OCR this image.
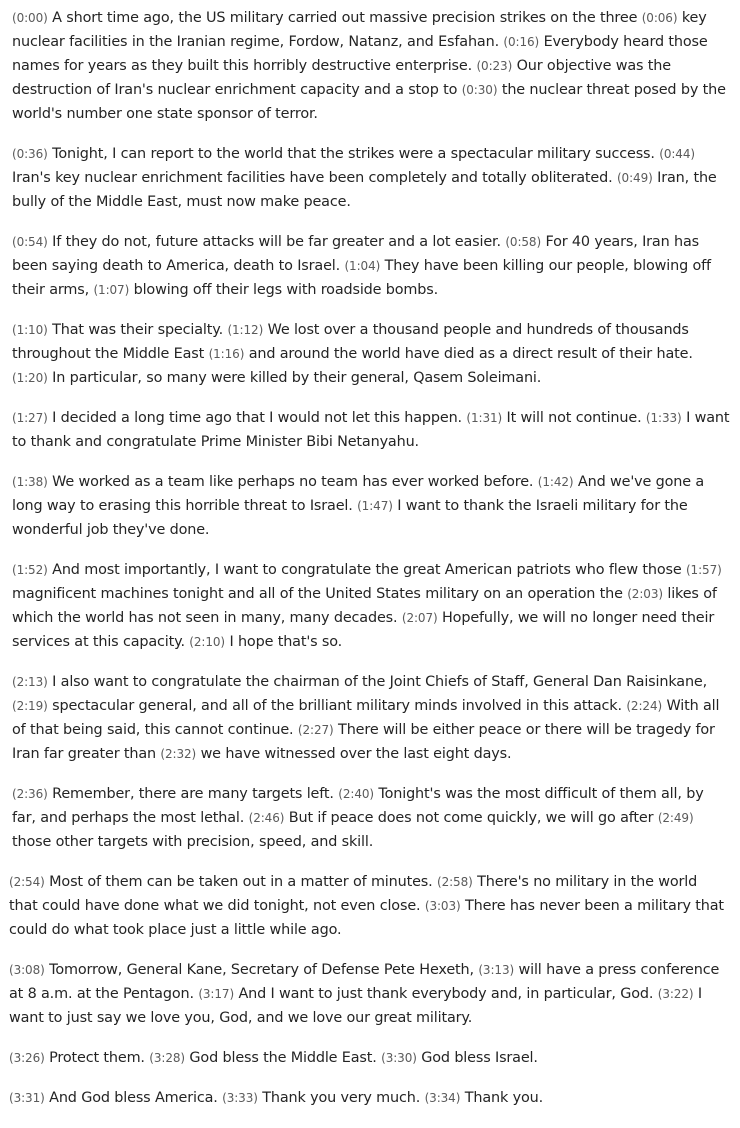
(0:00) A short time ago, the US military carried out massive precision strikes on the three (0:06) key nuclear facilities in the Iranian regime, Fordow, Natanz, and Esfahan. (0:16) Everybody heard those names for years as they built this horribly destructive enterprise. (0:23) Our objective was the destruction of Iran's nuclear enrichment capacity and a stop to (0:30) the nuclear threat posed by the world's number one state sponsor of terror.

(0:36) Tonight, I can report to the world that the strikes were a spectacular military success. (0:44) Iran's key nuclear enrichment facilities have been completely and totally obliterated. (0:49) Iran, the bully of the Middle East, must now make peace.

(0:54) If they do not, future attacks will be far greater and a lot easier. (0:58) For 40 years, Iran has been saying death to America, death to Israel. (1:04) They have been killing our people, blowing off their arms, (1:07) blowing off their legs with roadside bombs.

(1:10) That was their specialty. (1:12) We lost over a thousand people and hundreds of thousands throughout the Middle East (1:16) and around the world have died as a direct result of their hate. (1:20) In particular, so many were killed by their general, Qasem Soleimani.

(1:27) I decided a long time ago that I would not let this happen. (1:31) It will not continue. (1:33) I want to thank and congratulate Prime Minister Bibi Netanyahu.

(1:38) We worked as a team like perhaps no team has ever worked before. (1:42) And we've gone a long way to erasing this horrible threat to Israel. (1:47) I want to thank the Israeli military for the wonderful job they've done.

(1:52) And most importantly, I want to congratulate the great American patriots who flew those (1:57) magnificent machines tonight and all of the United States military on an operation the (2:03) likes of which the world has not seen in many, many decades. (2:07) Hopefully, we will no longer need their services at this capacity. (2:10) I hope that's so.

(2:13) I also want to congratulate the chairman of the Joint Chiefs of Staff, General Dan Raisinkane, (2:19) spectacular general, and all of the brilliant military minds involved in this attack. (2:24) With all of that being said, this cannot continue. (2:27) There will be either peace or there will be tragedy for Iran far greater than (2:32) we have witnessed over the last eight days.

(2:36) Remember, there are many targets left. (2:40) Tonight's was the most difficult of them all, by far, and perhaps the most lethal. (2:46) But if peace does not come quickly, we will go after (2:49) those other targets with precision, speed, and skill.

(2:54) Most of them can be taken out in a matter of minutes. (2:58) There's no military in the world that could have done what we did tonight, not even close. (3:03) There has never been a military that could do what took place just a little while ago.

(3:08) Tomorrow, General Kane, Secretary of Defense Pete Hexeth, (3:13) will have a press conference at 8 a.m. at the Pentagon. (3:17) And I want to just thank everybody and, in particular, God. (3:22) I want to just say we love you, God, and we love our great military.

(3:26) Protect them. (3:28) God bless the Middle East. (3:30) God bless Israel.

(3:31) And God bless America. (3:33) Thank you very much. (3:34) Thank you.
